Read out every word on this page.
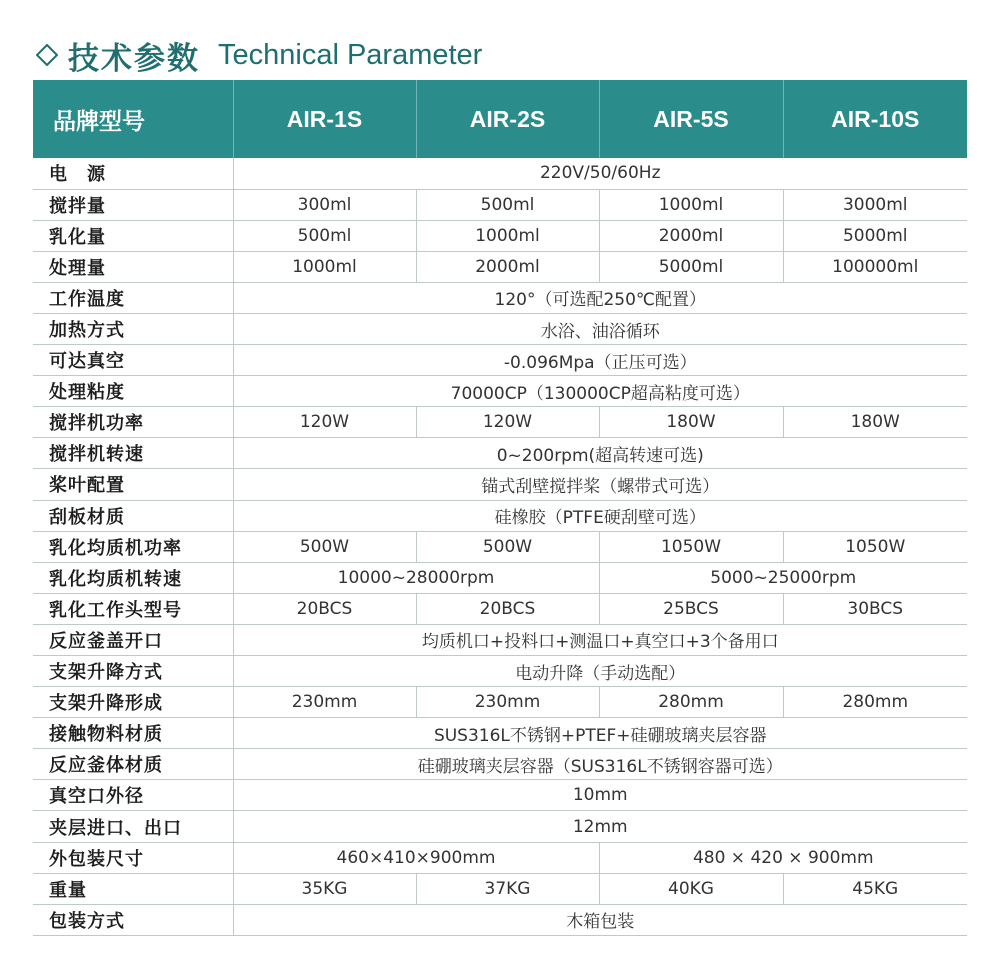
技术参数 Technical Parameter
品牌型号	AIR-1S	AIR-2S	AIR-5S	AIR-10S
电　源	220V/50/60Hz			
搅拌量	300ml	500ml	1000ml	3000ml
乳化量	500ml	1000ml	2000ml	5000ml
处理量	1000ml	2000ml	5000ml	100000ml
工作温度	120°（可选配250℃配置）			
加热方式	水浴、油浴循环			
可达真空	-0.096Mpa（正压可选）			
处理粘度	70000CP（130000CP超高粘度可选）			
搅拌机功率	120W	120W	180W	180W
搅拌机转速	0~200rpm(超高转速可选)			
桨叶配置	锚式刮壁搅拌桨（螺带式可选）			
刮板材质	硅橡胶（PTFE硬刮壁可选）			
乳化均质机功率	500W	500W	1050W	1050W
乳化均质机转速	10000~28000rpm		5000~25000rpm	
乳化工作头型号	20BCS	20BCS	25BCS	30BCS
反应釜盖开口	均质机口+投料口+测温口+真空口+3个备用口			
支架升降方式	电动升降（手动选配）			
支架升降形成	230mm	230mm	280mm	280mm
接触物料材质	SUS316L不锈钢+PTEF+硅硼玻璃夹层容器			
反应釜体材质	硅硼玻璃夹层容器（SUS316L不锈钢容器可选）			
真空口外径	10mm			
夹层进口、出口	12mm			
外包装尺寸	460×410×900mm		480 × 420 × 900mm	
重量	35KG	37KG	40KG	45KG
包装方式	木箱包装			
